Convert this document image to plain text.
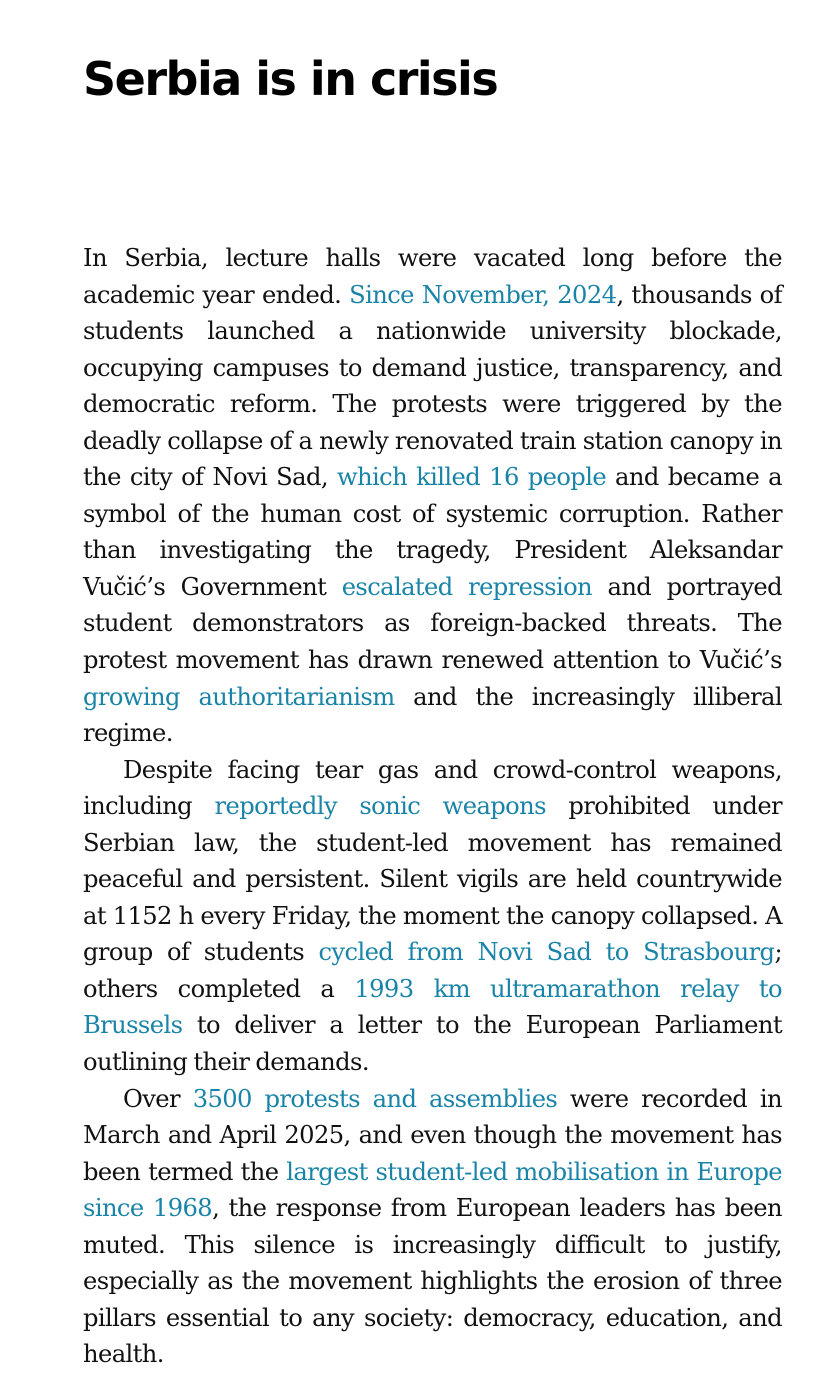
Serbia is in crisis

In Serbia, lecture halls were vacated long before the academic year ended. Since November, 2024, thousands of students launched a nationwide university blockade, occupying campuses to demand justice, transparency, and democratic reform. The protests were triggered by the deadly collapse of a newly renovated train station canopy in the city of Novi Sad, which killed 16 people and became a symbol of the human cost of systemic corruption. Rather than investigating the tragedy, President Aleksandar Vučić’s Government escalated repression and portrayed student demonstrators as foreign-backed threats. The protest movement has drawn renewed attention to Vučić’s growing authoritarianism and the increasingly illiberal regime.

Despite facing tear gas and crowd-control weapons, including reportedly sonic weapons prohibited under Serbian law, the student-led movement has remained peaceful and persistent. Silent vigils are held countrywide at 1152 h every Friday, the moment the canopy collapsed. A group of students cycled from Novi Sad to Strasbourg; others completed a 1993 km ultramarathon relay to Brussels to deliver a letter to the European Parliament outlining their demands.

Over 3500 protests and assemblies were recorded in March and April 2025, and even though the movement has been termed the largest student-led mobilisation in Europe since 1968, the response from European leaders has been muted. This silence is increasingly difficult to justify, especially as the movement highlights the erosion of three pillars essential to any society: democracy, education, and health.
